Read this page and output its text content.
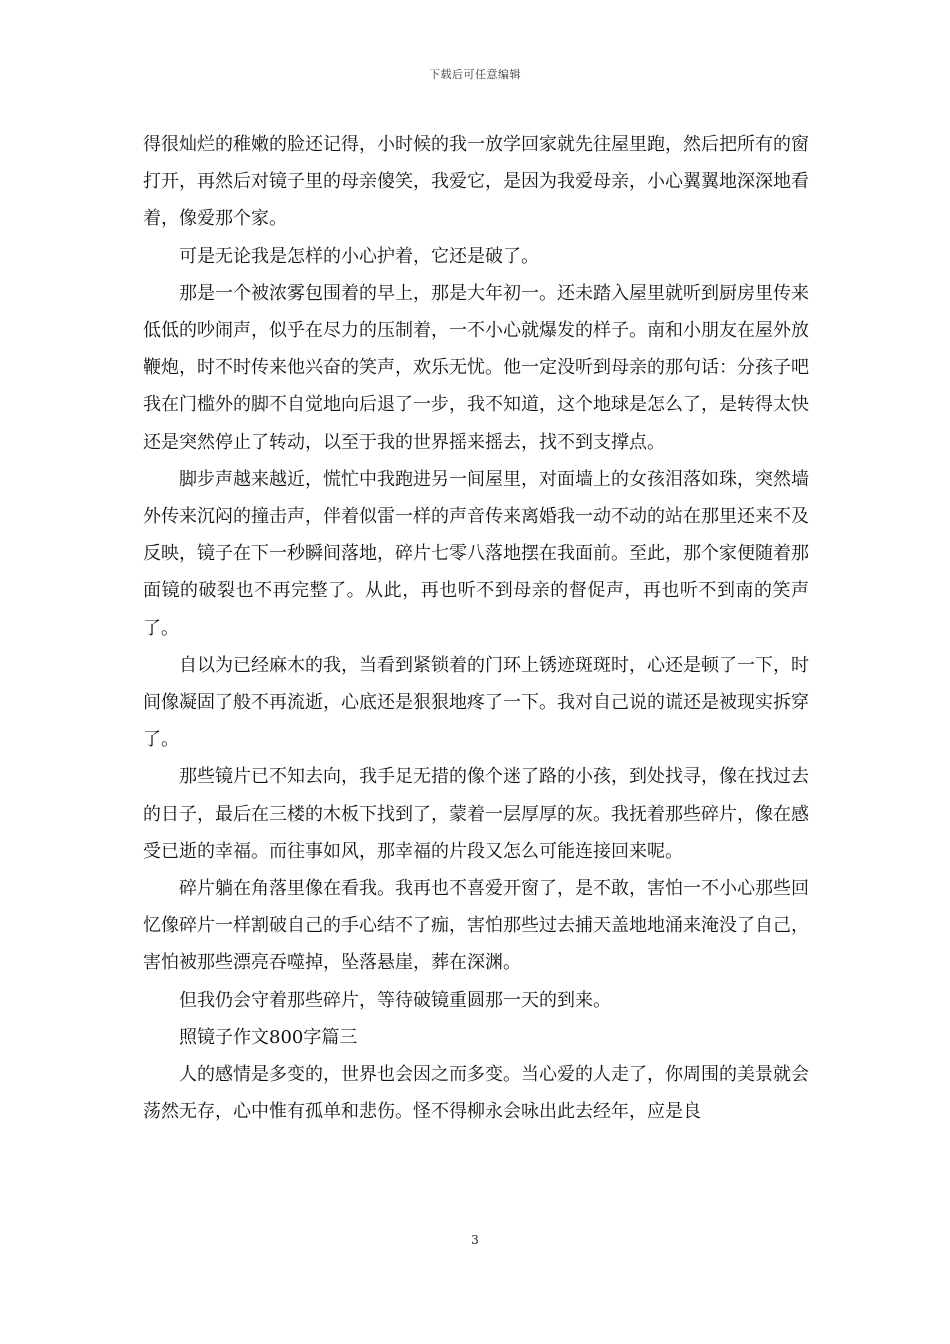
下载后可任意编辑

得很灿烂的稚嫩的脸还记得，小时候的我一放学回家就先往屋里跑，然后把所有的窗打开，再然后对镜子里的母亲傻笑，我爱它，是因为我爱母亲，小心翼翼地深深地看着，像爱那个家。

可是无论我是怎样的小心护着，它还是破了。

那是一个被浓雾包围着的早上，那是大年初一。还未踏入屋里就听到厨房里传来低低的吵闹声，似乎在尽力的压制着，一不小心就爆发的样子。南和小朋友在屋外放鞭炮，时不时传来他兴奋的笑声，欢乐无忧。他一定没听到母亲的那句话：分孩子吧我在门槛外的脚不自觉地向后退了一步，我不知道，这个地球是怎么了，是转得太快还是突然停止了转动，以至于我的世界摇来摇去，找不到支撑点。

脚步声越来越近，慌忙中我跑进另一间屋里，对面墙上的女孩泪落如珠，突然墙外传来沉闷的撞击声，伴着似雷一样的声音传来离婚我一动不动的站在那里还来不及反映，镜子在下一秒瞬间落地，碎片七零八落地摆在我面前。至此，那个家便随着那面镜的破裂也不再完整了。从此，再也听不到母亲的督促声，再也听不到南的笑声了。

自以为已经麻木的我，当看到紧锁着的门环上锈迹斑斑时，心还是顿了一下，时间像凝固了般不再流逝，心底还是狠狠地疼了一下。我对自己说的谎还是被现实拆穿了。

那些镜片已不知去向，我手足无措的像个迷了路的小孩，到处找寻，像在找过去的日子，最后在三楼的木板下找到了，蒙着一层厚厚的灰。我抚着那些碎片，像在感受已逝的幸福。而往事如风，那幸福的片段又怎么可能连接回来呢。

碎片躺在角落里像在看我。我再也不喜爱开窗了，是不敢，害怕一不小心那些回忆像碎片一样割破自己的手心结不了痂，害怕那些过去捕天盖地地涌来淹没了自己，害怕被那些漂亮吞噬掉，坠落悬崖，葬在深渊。

但我仍会守着那些碎片，等待破镜重圆那一天的到来。

照镜子作文800字篇三

人的感情是多变的，世界也会因之而多变。当心爱的人走了，你周围的美景就会荡然无存，心中惟有孤单和悲伤。怪不得柳永会咏出此去经年，应是良

3
